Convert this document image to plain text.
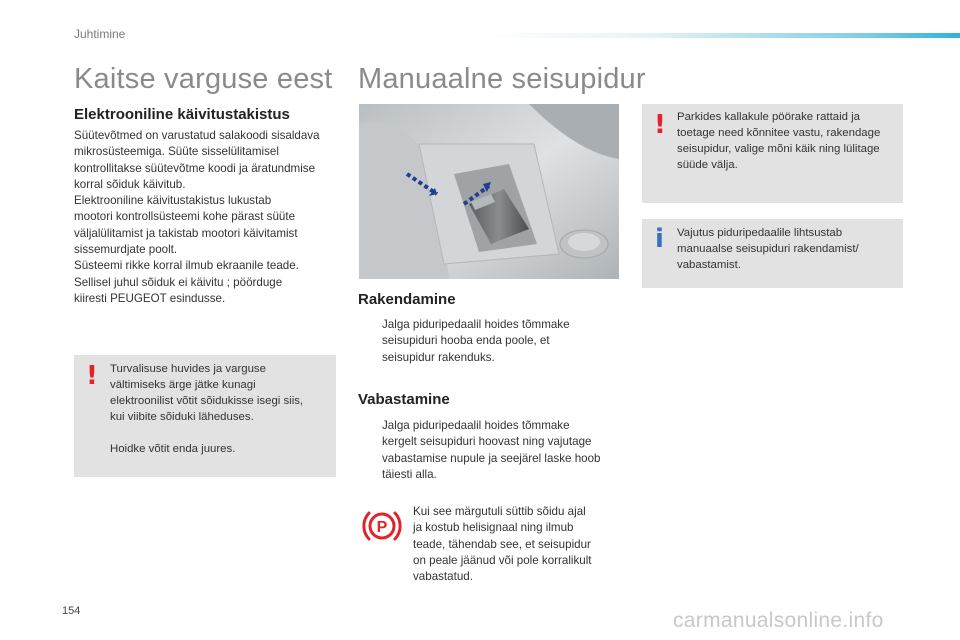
Juhtimine
Kaitse varguse eest
Elektrooniline käivitustakistus
Süütevõtmed on varustatud salakoodi sisaldava
mikrosüsteemiga. Süüte sisselülitamisel
kontrollitakse süütevõtme koodi ja äratundmise
korral sõiduk käivitub.
Elektrooniline käivitustakistus lukustab
mootori kontrollsüsteemi kohe pärast süüte
väljalülitamist ja takistab mootori käivitamist
sissemurdjate poolt.
Süsteemi rikke korral ilmub ekraanile teade.
Sellisel juhul sõiduk ei käivitu ; pöörduge
kiiresti PEUGEOT esindusse.
! Turvalisuse huvides ja varguse
vältimiseks ärge jätke kunagi
elektroonilist võtit sõidukisse isegi siis,
kui viibite sõiduki läheduses.
Hoidke võtit enda juures.
Manuaalne seisupidur
Rakendamine
Jalga piduripedaalil hoides tõmmake
seisupiduri hooba enda poole, et
seisupidur rakenduks.
Vabastamine
Jalga piduripedaalil hoides tõmmake
kergelt seisupiduri hoovast ning vajutage
vabastamise nupule ja seejärel laske hoob
täiesti alla.
P
Kui see märgutuli süttib sõidu ajal
ja kostub helisignaal ning ilmub
teade, tähendab see, et seisupidur
on peale jäänud või pole korralikult
vabastatud.
! Parkides kallakule pöörake rattaid ja
toetage need kõnnitee vastu, rakendage
seisupidur, valige mõni käik ning lülitage
süüde välja.
i Vajutus piduripedaalile lihtsustab
manuaalse seisupiduri rakendamist/
vabastamist.
154	carmanualsonline.info
